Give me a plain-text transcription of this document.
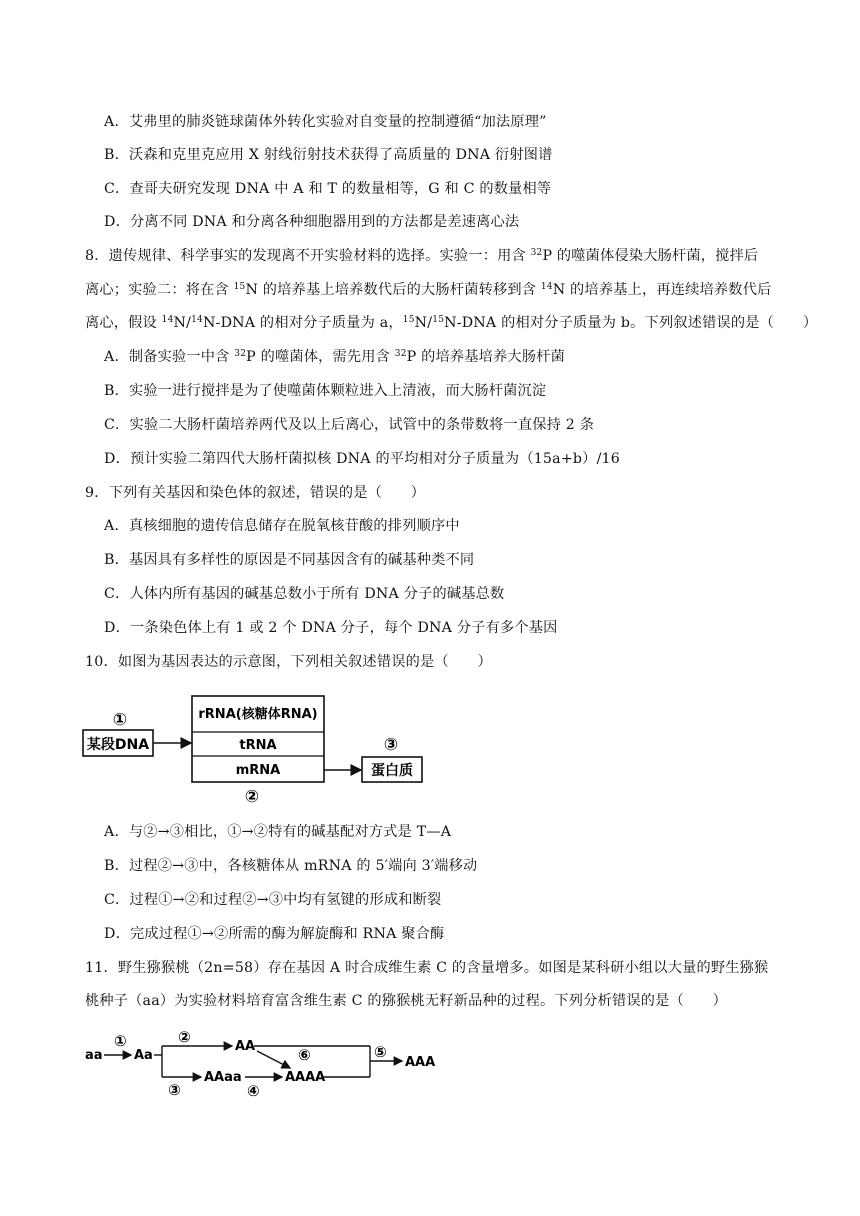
A．艾弗里的肺炎链球菌体外转化实验对自变量的控制遵循“加法原理”
B．沃森和克里克应用 X 射线衍射技术获得了高质量的 DNA 衍射图谱
C．查哥夫研究发现 DNA 中 A 和 T 的数量相等，G 和 C 的数量相等
D．分离不同 DNA 和分离各种细胞器用到的方法都是差速离心法
8．遗传规律、科学事实的发现离不开实验材料的选择。实验一：用含 $^{32}$P 的噬菌体侵染大肠杆菌，搅拌后
离心；实验二：将在含 $^{15}$N 的培养基上培养数代后的大肠杆菌转移到含 $^{14}$N 的培养基上，再连续培养数代后
离心，假设 $^{14}$N/$^{14}$N-DNA 的相对分子质量为 a，$^{15}$N/$^{15}$N-DNA 的相对分子质量为 b。下列叙述错误的是（　　）
A．制备实验一中含 $^{32}$P 的噬菌体，需先用含 $^{32}$P 的培养基培养大肠杆菌
B．实验一进行搅拌是为了使噬菌体颗粒进入上清液，而大肠杆菌沉淀
C．实验二大肠杆菌培养两代及以上后离心，试管中的条带数将一直保持 2 条
D．预计实验二第四代大肠杆菌拟核 DNA 的平均相对分子质量为（15a+b）/16
9．下列有关基因和染色体的叙述，错误的是（　　）
A．真核细胞的遗传信息储存在脱氧核苷酸的排列顺序中
B．基因具有多样性的原因是不同基因含有的碱基种类不同
C．人体内所有基因的碱基总数小于所有 DNA 分子的碱基总数
D．一条染色体上有 1 或 2 个 DNA 分子，每个 DNA 分子有多个基因
10．如图为基因表达的示意图，下列相关叙述错误的是（　　）
①
某段DNA
rRNA(核糖体RNA)
tRNA
mRNA
②
③
蛋白质
A．与②→③相比，①→②特有的碱基配对方式是 T—A
B．过程②→③中，各核糖体从 mRNA 的 5′端向 3′端移动
C．过程①→②和过程②→③中均有氢键的形成和断裂
D．完成过程①→②所需的酶为解旋酶和 RNA 聚合酶
11．野生猕猴桃（2n=58）存在基因 A 时合成维生素 C 的含量增多。如图是某科研小组以大量的野生猕猴
桃种子（aa）为实验材料培育富含维生素 C 的猕猴桃无籽新品种的过程。下列分析错误的是（　　）
aa
①
Aa
②
AA
③
AAaa
④
AAAA
⑥	⑤
AAA
